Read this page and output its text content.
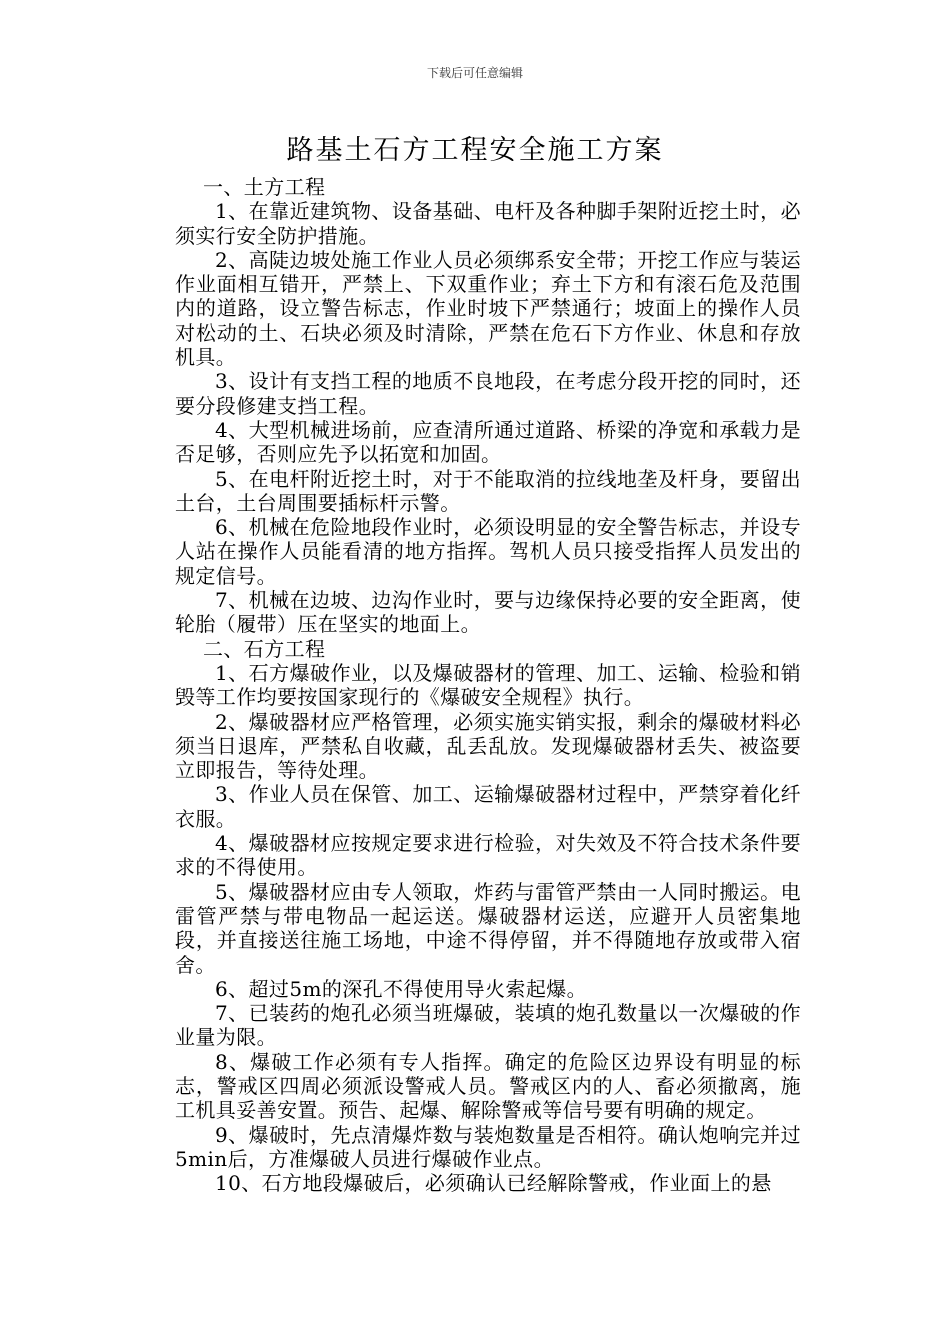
下载后可任意编辑
路基土石方工程安全施工方案

一、土方工程

1、在靠近建筑物、设备基础、电杆及各种脚手架附近挖土时，必须实行安全防护措施。

2、高陡边坡处施工作业人员必须绑系安全带；开挖工作应与装运作业面相互错开，严禁上、下双重作业；弃土下方和有滚石危及范围内的道路，设立警告标志，作业时坡下严禁通行；坡面上的操作人员对松动的土、石块必须及时清除，严禁在危石下方作业、休息和存放机具。

3、设计有支挡工程的地质不良地段，在考虑分段开挖的同时，还要分段修建支挡工程。

4、大型机械进场前，应查清所通过道路、桥梁的净宽和承载力是否足够，否则应先予以拓宽和加固。

5、在电杆附近挖土时，对于不能取消的拉线地垄及杆身，要留出土台，土台周围要插标杆示警。

6、机械在危险地段作业时，必须设明显的安全警告标志，并设专人站在操作人员能看清的地方指挥。驾机人员只接受指挥人员发出的规定信号。

7、机械在边坡、边沟作业时，要与边缘保持必要的安全距离，使轮胎（履带）压在坚实的地面上。

二、石方工程

1、石方爆破作业，以及爆破器材的管理、加工、运输、检验和销毁等工作均要按国家现行的《爆破安全规程》执行。

2、爆破器材应严格管理，必须实施实销实报，剩余的爆破材料必须当日退库，严禁私自收藏，乱丢乱放。发现爆破器材丢失、被盗要立即报告，等待处理。

3、作业人员在保管、加工、运输爆破器材过程中，严禁穿着化纤衣服。

4、爆破器材应按规定要求进行检验，对失效及不符合技术条件要求的不得使用。

5、爆破器材应由专人领取，炸药与雷管严禁由一人同时搬运。电雷管严禁与带电物品一起运送。爆破器材运送，应避开人员密集地段，并直接送往施工场地，中途不得停留，并不得随地存放或带入宿舍。

6、超过5m的深孔不得使用导火索起爆。

7、已装药的炮孔必须当班爆破，装填的炮孔数量以一次爆破的作业量为限。

8、爆破工作必须有专人指挥。确定的危险区边界设有明显的标志，警戒区四周必须派设警戒人员。警戒区内的人、畜必须撤离，施工机具妥善安置。预告、起爆、解除警戒等信号要有明确的规定。

9、爆破时，先点清爆炸数与装炮数量是否相符。确认炮响完并过5min后，方准爆破人员进行爆破作业点。

10、石方地段爆破后，必须确认已经解除警戒，作业面上的悬
